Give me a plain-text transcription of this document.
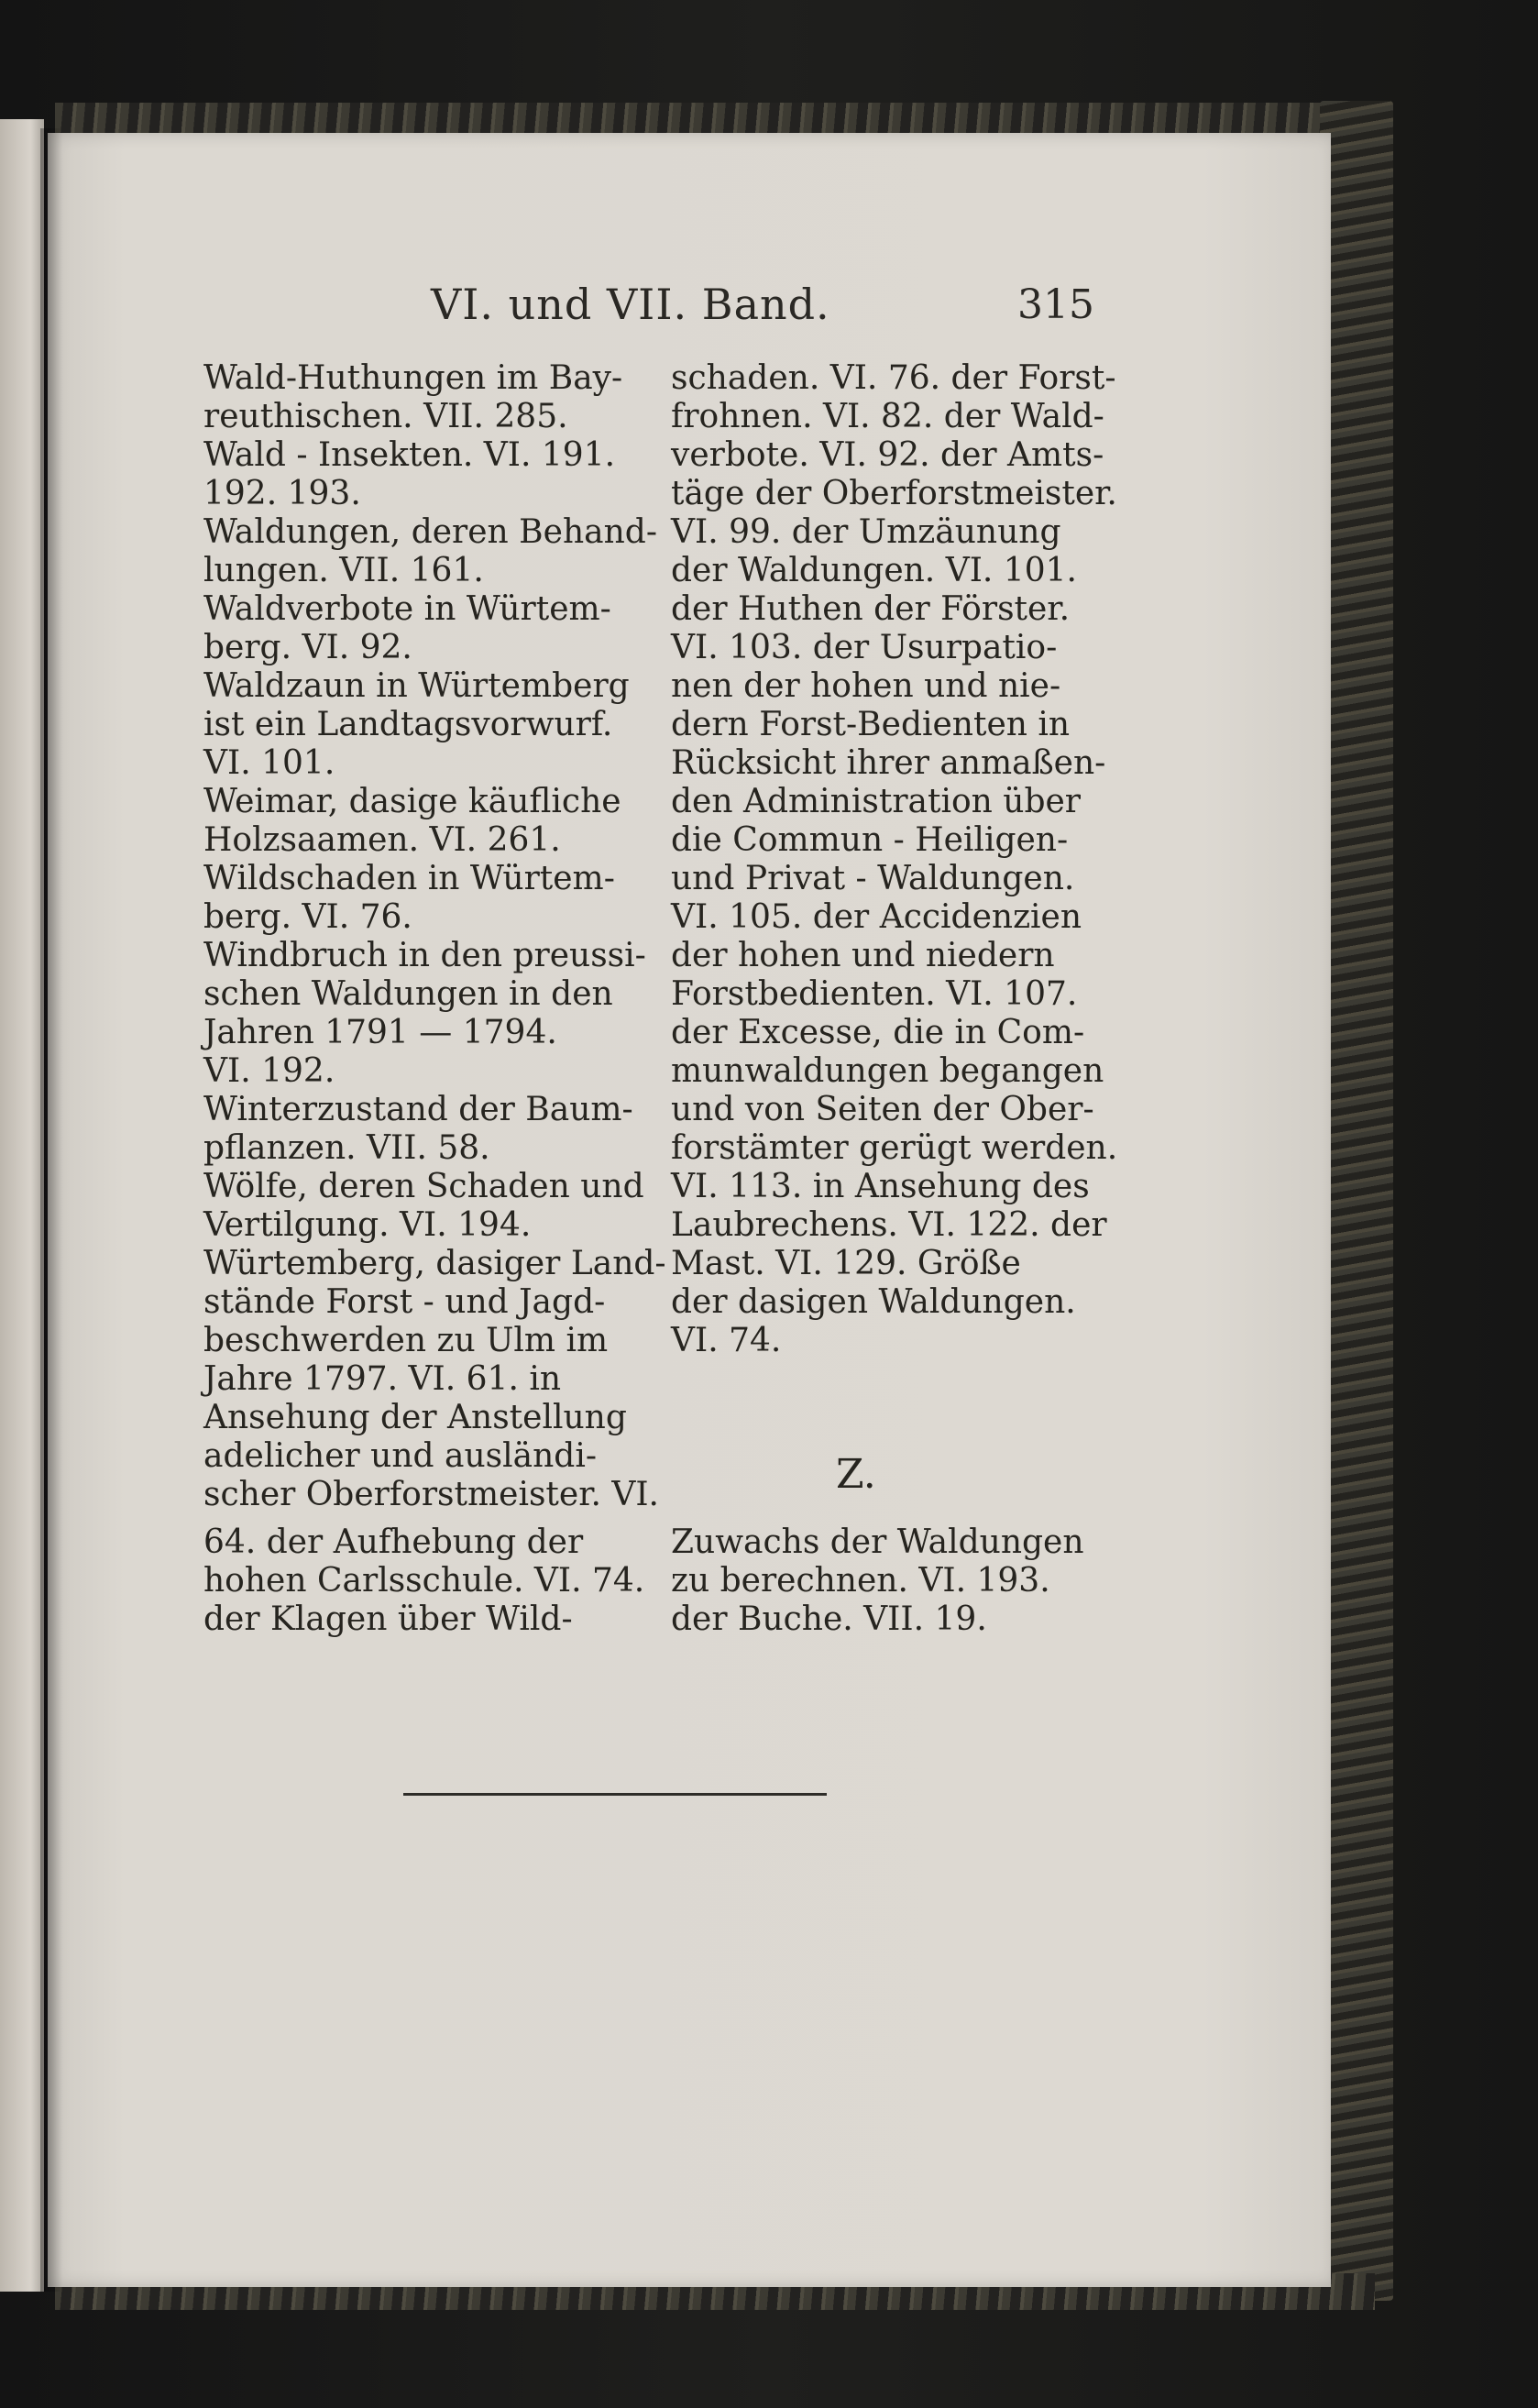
VI. und VII. Band.	315
Wald-Huthungen im Bay-
reuthischen. VII. 285.
Wald - Insekten. VI. 191.
192. 193.
Waldungen, deren Behand-
lungen. VII. 161.
Waldverbote in Würtem-
berg. VI. 92.
Waldzaun in Würtemberg
ist ein Landtagsvorwurf.
VI. 101.
Weimar, dasige käufliche
Holzsaamen. VI. 261.
Wildschaden in Würtem-
berg. VI. 76.
Windbruch in den preussi-
schen Waldungen in den
Jahren 1791 — 1794.
VI. 192.
Winterzustand der Baum-
pflanzen. VII. 58.
Wölfe, deren Schaden und
Vertilgung. VI. 194.
Würtemberg, dasiger Land-
stände Forst - und Jagd-
beschwerden zu Ulm im
Jahre 1797. VI. 61. in
Ansehung der Anstellung
adelicher und ausländi-
scher Oberforstmeister. VI.
schaden. VI. 76. der Forst-
frohnen. VI. 82. der Wald-
verbote. VI. 92. der Amts-
täge der Oberforstmeister.
VI. 99. der Umzäunung
der Waldungen. VI. 101.
der Huthen der Förster.
VI. 103. der Usurpatio-
nen der hohen und nie-
dern Forst-Bedienten in
Rücksicht ihrer anmaßen-
den Administration über
die Commun - Heiligen-
und Privat - Waldungen.
VI. 105. der Accidenzien
der hohen und niedern
Forstbedienten. VI. 107.
der Excesse, die in Com-
munwaldungen begangen
und von Seiten der Ober-
forstämter gerügt werden.
VI. 113. in Ansehung des
Laubrechens. VI. 122. der
Mast. VI. 129. Größe
der dasigen Waldungen.
VI. 74.
Z.
64. der Aufhebung der	Zuwachs der Waldungen
hohen Carlsschule. VI. 74. zu berechnen. VI. 193.
der Klagen über Wild-	der Buche. VII. 19.
